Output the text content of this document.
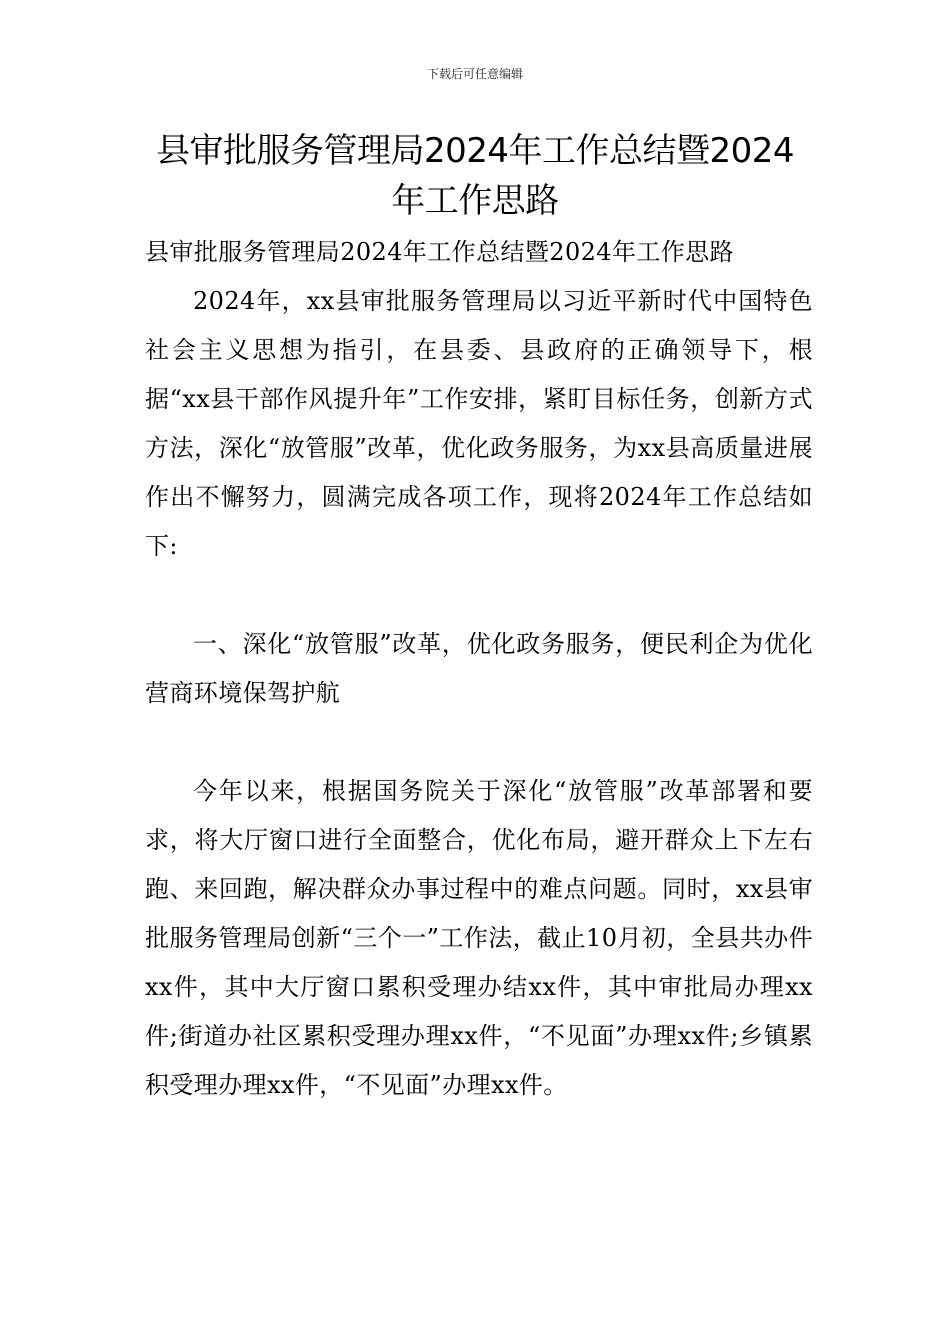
下载后可任意编辑
县审批服务管理局2024年工作总结暨2024年工作思路

县审批服务管理局2024年工作总结暨2024年工作思路

2024年，xx县审批服务管理局以习近平新时代中国特色社会主义思想为指引，在县委、县政府的正确领导下，根据“xx县干部作风提升年”工作安排，紧盯目标任务，创新方式方法，深化“放管服”改革，优化政务服务，为xx县高质量进展作出不懈努力，圆满完成各项工作，现将2024年工作总结如下:

一、深化“放管服”改革，优化政务服务，便民利企为优化营商环境保驾护航

今年以来，根据国务院关于深化“放管服”改革部署和要求，将大厅窗口进行全面整合，优化布局，避开群众上下左右跑、来回跑，解决群众办事过程中的难点问题。同时，xx县审批服务管理局创新“三个一”工作法，截止10月初，全县共办件xx件，其中大厅窗口累积受理办结xx件，其中审批局办理xx件;街道办社区累积受理办理xx件，“不见面”办理xx件;乡镇累积受理办理xx件，“不见面”办理xx件。
